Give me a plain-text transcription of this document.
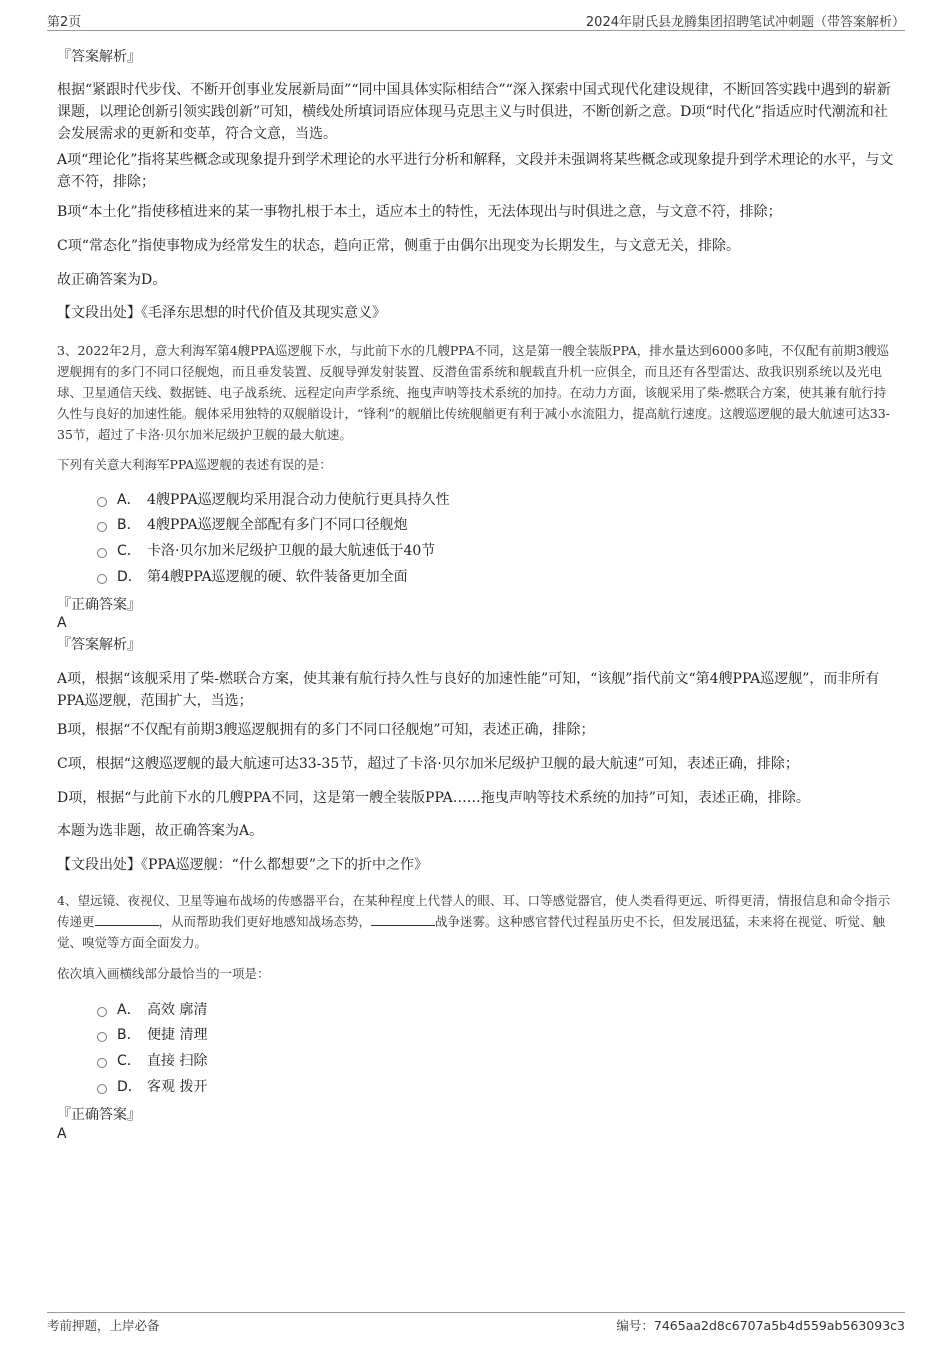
第2页	2024年尉氏县龙腾集团招聘笔试冲刺题（带答案解析）
『答案解析』
根据“紧跟时代步伐、不断开创事业发展新局面”“同中国具体实际相结合”“深入探索中国式现代化建设规律，不断回答实践中遇到的崭新课题，以理论创新引领实践创新”可知，横线处所填词语应体现马克思主义与时俱进，不断创新之意。D项“时代化”指适应时代潮流和社会发展需求的更新和变革，符合文意，当选。
A项“理论化”指将某些概念或现象提升到学术理论的水平进行分析和解释，文段并未强调将某些概念或现象提升到学术理论的水平，与文意不符，排除；
B项“本土化”指使移植进来的某一事物扎根于本土，适应本土的特性，无法体现出与时俱进之意，与文意不符，排除；
C项“常态化”指使事物成为经常发生的状态，趋向正常，侧重于由偶尔出现变为长期发生，与文意无关，排除。
故正确答案为D。
【文段出处】《毛泽东思想的时代价值及其现实意义》
3、2022年2月，意大利海军第4艘PPA巡逻舰下水，与此前下水的几艘PPA不同，这是第一艘全装版PPA，排水量达到6000多吨，不仅配有前期3艘巡逻舰拥有的多门不同口径舰炮，而且垂发装置、反舰导弹发射装置、反潜鱼雷系统和舰载直升机一应俱全，而且还有各型雷达、敌我识别系统以及光电球、卫星通信天线、数据链、电子战系统、远程定向声学系统、拖曳声呐等技术系统的加持。在动力方面，该舰采用了柴-燃联合方案，使其兼有航行持久性与良好的加速性能。舰体采用独特的双舰艏设计，“锋利”的舰艏比传统舰艏更有利于减小水流阻力，提高航行速度。这艘巡逻舰的最大航速可达33-35节，超过了卡洛·贝尔加米尼级护卫舰的最大航速。
下列有关意大利海军PPA巡逻舰的表述有误的是：
A． 4艘PPA巡逻舰均采用混合动力使航行更具持久性
B． 4艘PPA巡逻舰全部配有多门不同口径舰炮
C． 卡洛·贝尔加米尼级护卫舰的最大航速低于40节
D． 第4艘PPA巡逻舰的硬、软件装备更加全面
『正确答案』
A
『答案解析』
A项，根据“该舰采用了柴-燃联合方案，使其兼有航行持久性与良好的加速性能”可知，“该舰”指代前文“第4艘PPA巡逻舰”，而非所有PPA巡逻舰，范围扩大，当选；
B项，根据“不仅配有前期3艘巡逻舰拥有的多门不同口径舰炮”可知，表述正确，排除；
C项，根据“这艘巡逻舰的最大航速可达33-35节，超过了卡洛·贝尔加米尼级护卫舰的最大航速”可知，表述正确，排除；
D项，根据“与此前下水的几艘PPA不同，这是第一艘全装版PPA……拖曳声呐等技术系统的加持”可知，表述正确，排除。
本题为选非题，故正确答案为A。
【文段出处】《PPA巡逻舰：“什么都想要”之下的折中之作》
4、望远镜、夜视仪、卫星等遍布战场的传感器平台，在某种程度上代替人的眼、耳、口等感觉器官，使人类看得更远、听得更清，情报信息和命令指示传递更	，从而帮助我们更好地感知战场态势，	战争迷雾。这种感官替代过程虽历史不长，但发展迅猛，未来将在视觉、听觉、触觉、嗅觉等方面全面发力。
依次填入画横线部分最恰当的一项是：
A． 高效 廓清
B． 便捷 清理
C． 直接 扫除
D． 客观 拨开
『正确答案』
A
考前押题，上岸必备	编号：7465aa2d8c6707a5b4d559ab563093c3
